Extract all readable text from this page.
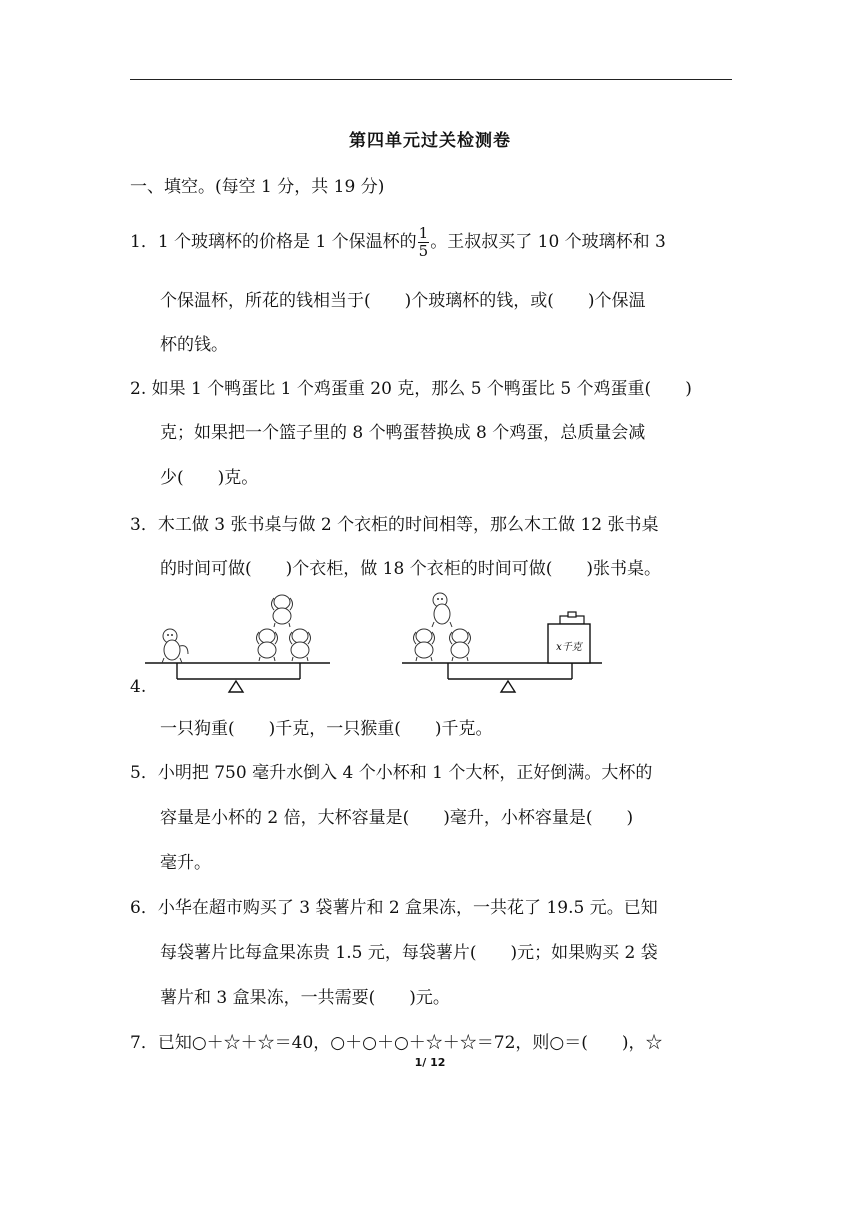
第四单元过关检测卷
一、填空。(每空 1 分，共 19 分)
1．1 个玻璃杯的价格是 1 个保温杯的 $\frac{1}{5}$ 。王叔叔买了 10 个玻璃杯和 3
个保温杯，所花的钱相当于(　　)个玻璃杯的钱，或(　　)个保温
杯的钱。
2. 如果 1 个鸭蛋比 1 个鸡蛋重 20 克，那么 5 个鸭蛋比 5 个鸡蛋重(　　)
克；如果把一个篮子里的 8 个鸭蛋替换成 8 个鸡蛋，总质量会减
少(　　)克。
3．木工做 3 张书桌与做 2 个衣柜的时间相等，那么木工做 12 张书桌
的时间可做(　　)个衣柜，做 18 个衣柜的时间可做(　　)张书桌。
4.
x千克
一只狗重(　　)千克，一只猴重(　　)千克。
5．小明把 750 毫升水倒入 4 个小杯和 1 个大杯，正好倒满。大杯的
容量是小杯的 2 倍，大杯容量是(　　)毫升，小杯容量是(　　)
毫升。
6．小华在超市购买了 3 袋薯片和 2 盒果冻，一共花了 19.5 元。已知
每袋薯片比每盒果冻贵 1.5 元，每袋薯片(　　)元；如果购买 2 袋
薯片和 3 盒果冻，一共需要(　　)元。
7．已知○＋☆＋☆＝40，○＋○＋○＋☆＋☆＝72，则○＝(　　)，☆
1/ 12
